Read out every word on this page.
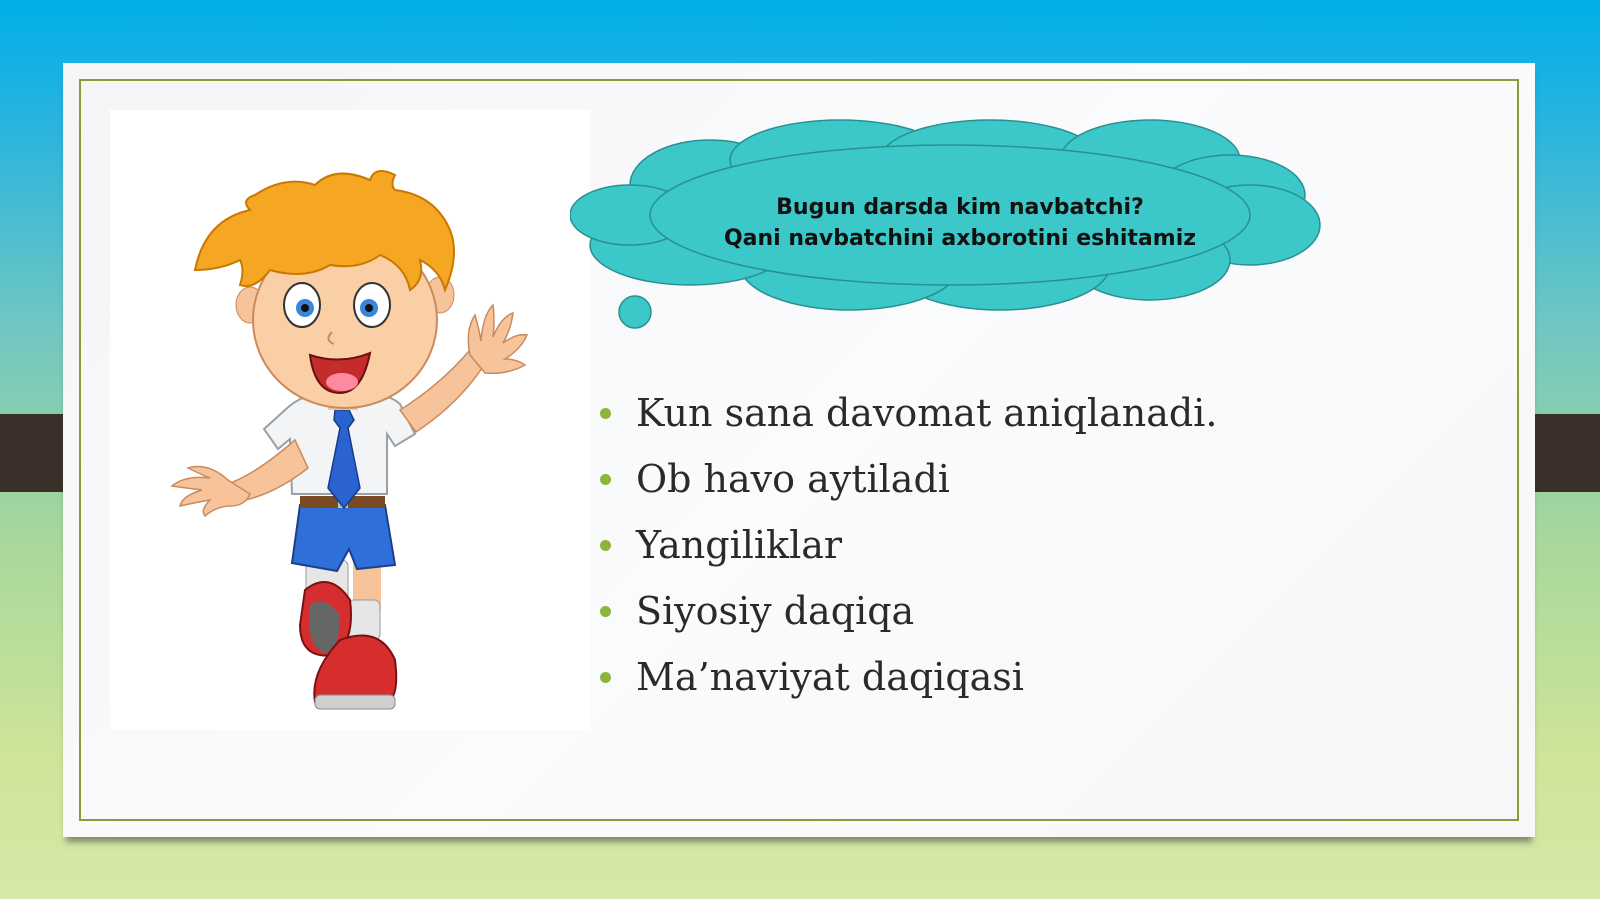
Bugun darsda kim navbatchi?
Qani navbatchini axborotini eshitamiz
Kun sana davomat aniqlanadi.
Ob havo aytiladi
Yangiliklar
Siyosiy daqiqa
Ma’naviyat daqiqasi
